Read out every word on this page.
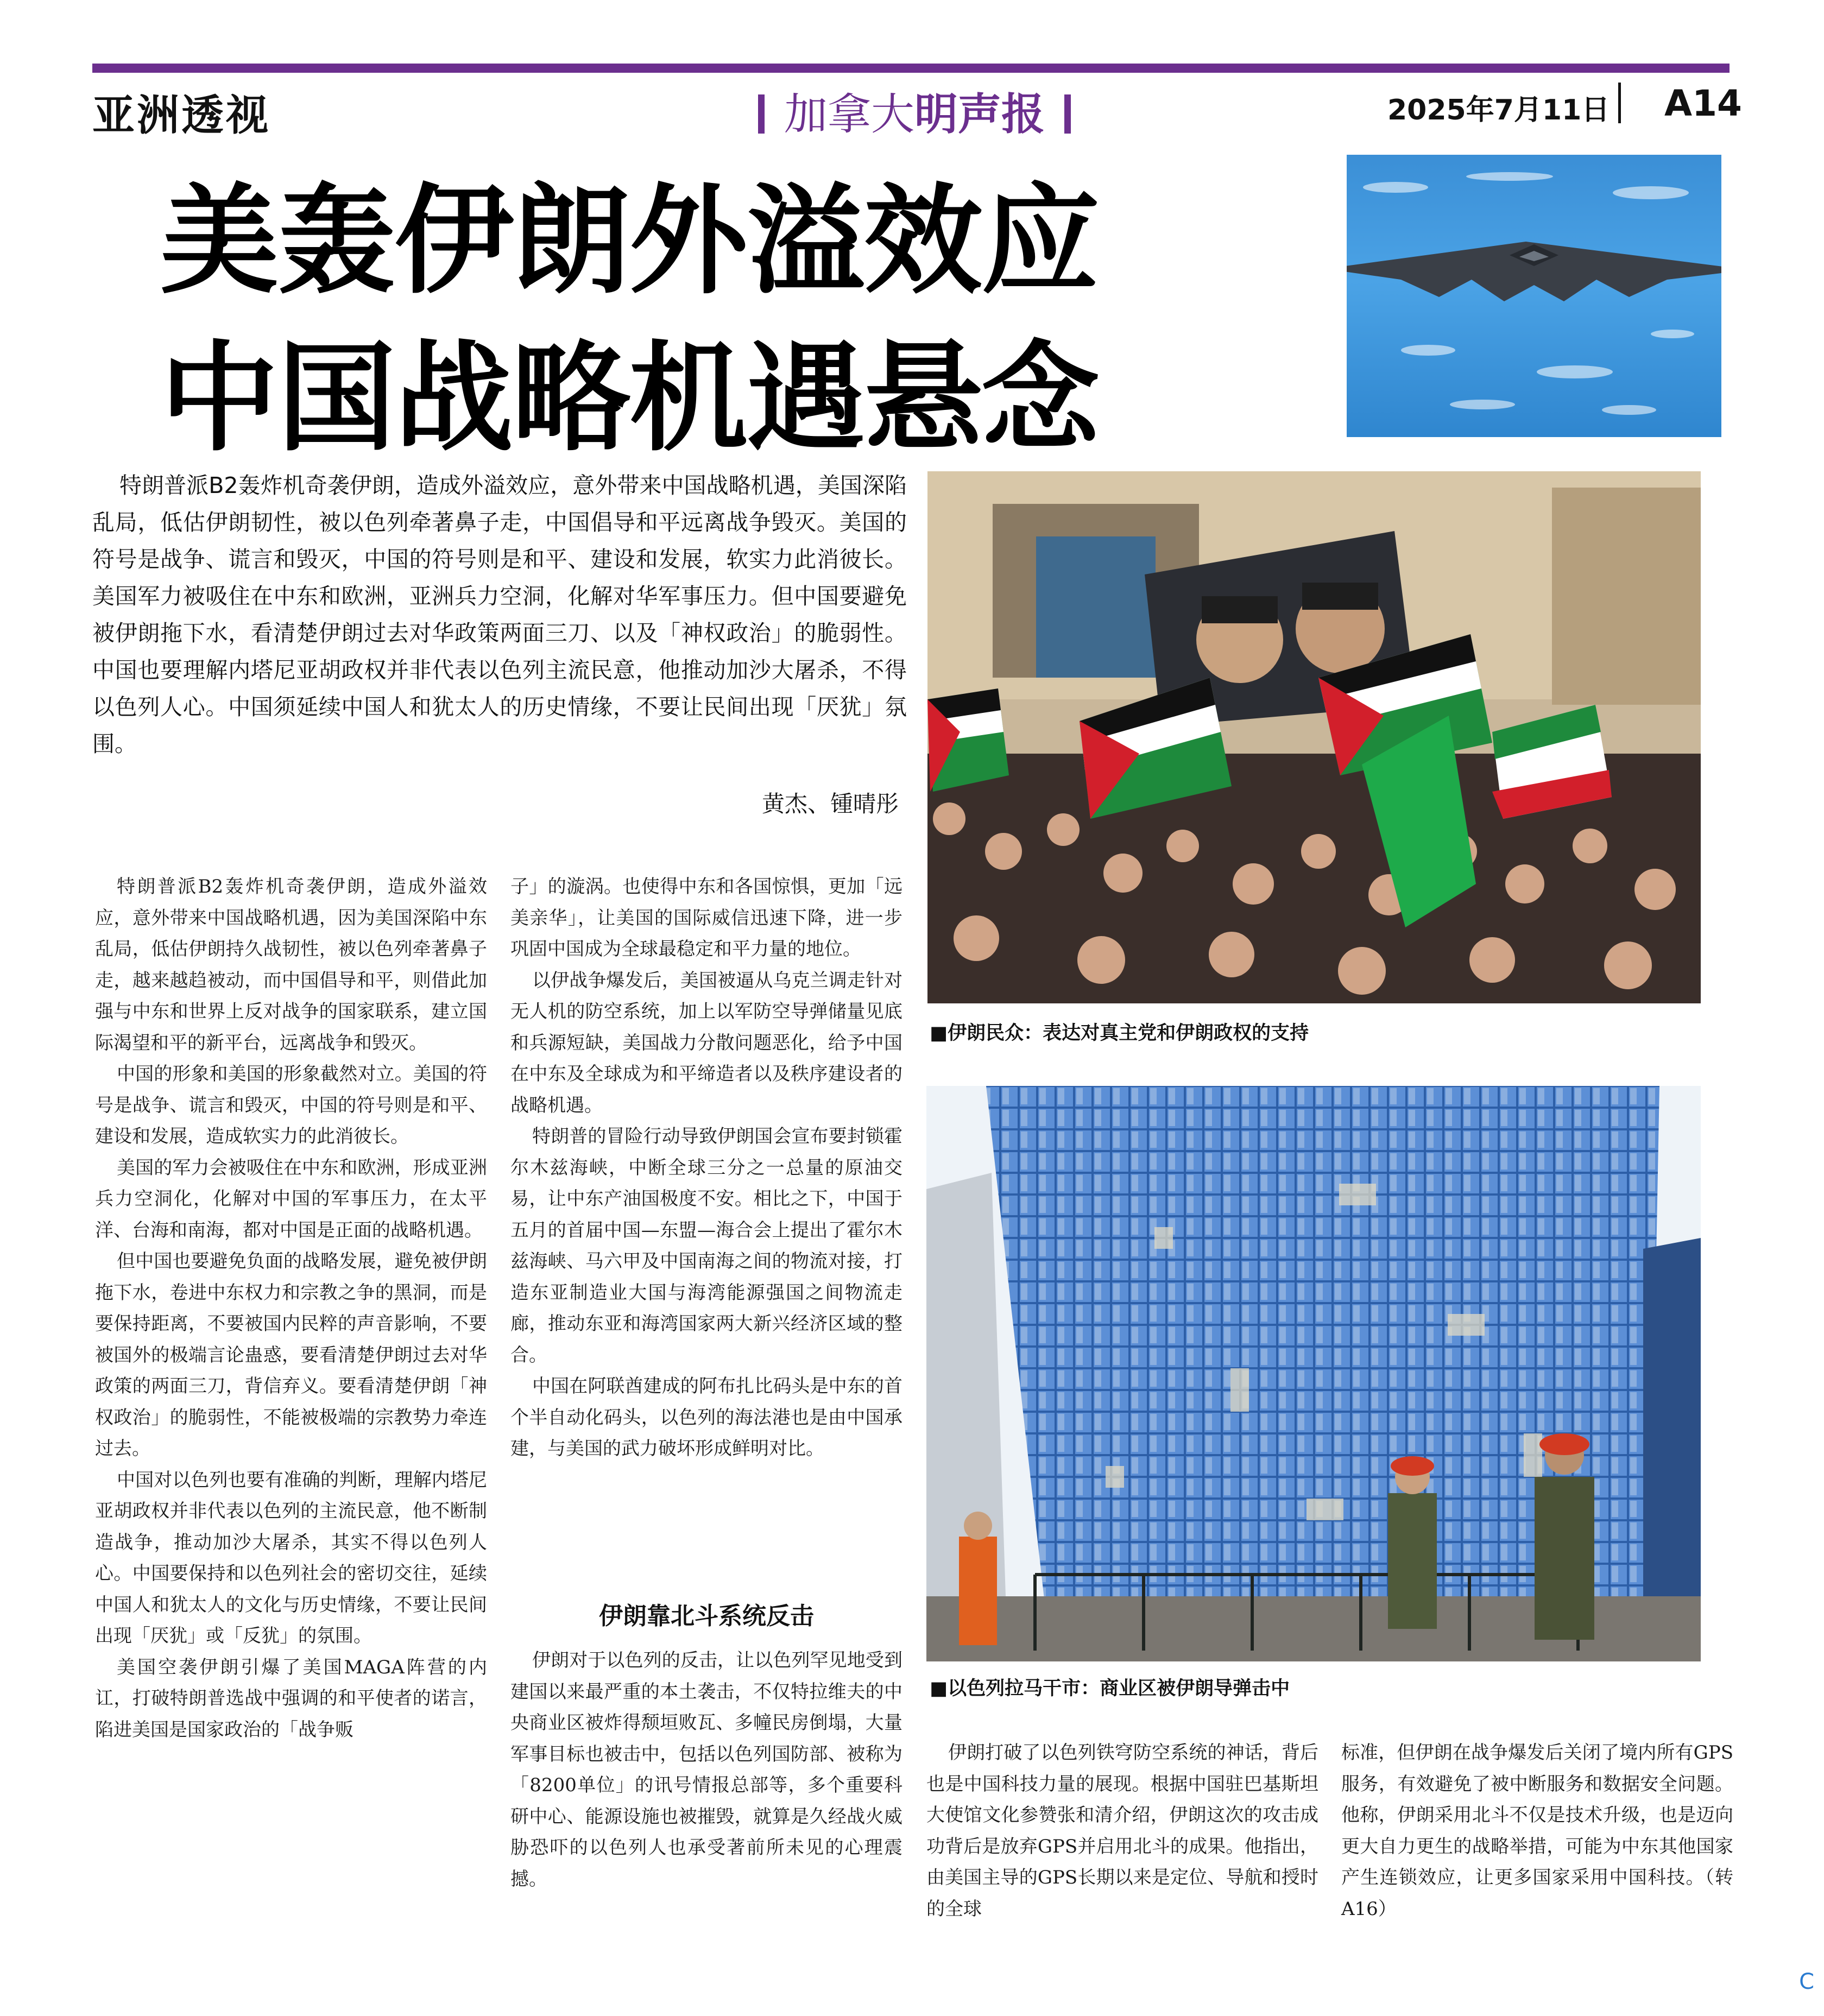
亚洲透视	加拿大明声报	2025年7月11日 A14
美轰伊朗外溢效应
中国战略机遇悬念
特朗普派B2轰炸机奇袭伊朗，造成外溢效应，意外带来中国战略机遇，美国深陷乱局，低估伊朗韧性，被以色列牵著鼻子走，中国倡导和平远离战争毁灭。美国的符号是战争、谎言和毁灭，中国的符号则是和平、建设和发展，软实力此消彼长。美国军力被吸住在中东和欧洲，亚洲兵力空洞，化解对华军事压力。但中国要避免被伊朗拖下水，看清楚伊朗过去对华政策两面三刀、以及「神权政治」的脆弱性。中国也要理解内塔尼亚胡政权并非代表以色列主流民意，他推动加沙大屠杀，不得以色列人心。中国须延续中国人和犹太人的历史情缘，不要让民间出现「厌犹」氛围。
黄杰、锺晴彤
■伊朗民众：表达对真主党和伊朗政权的支持
■以色列拉马干市：商业区被伊朗导弹击中

特朗普派B2轰炸机奇袭伊朗，造成外溢效应，意外带来中国战略机遇，因为美国深陷中东乱局，低估伊朗持久战韧性，被以色列牵著鼻子走，越来越趋被动，而中国倡导和平，则借此加强与中东和世界上反对战争的国家联系，建立国际渴望和平的新平台，远离战争和毁灭。

中国的形象和美国的形象截然对立。美国的符号是战争、谎言和毁灭，中国的符号则是和平、建设和发展，造成软实力的此消彼长。

美国的军力会被吸住在中东和欧洲，形成亚洲兵力空洞化，化解对中国的军事压力，在太平洋、台海和南海，都对中国是正面的战略机遇。

但中国也要避免负面的战略发展，避免被伊朗拖下水，卷进中东权力和宗教之争的黑洞，而是要保持距离，不要被国内民粹的声音影响，不要被国外的极端言论蛊惑，要看清楚伊朗过去对华政策的两面三刀，背信弃义。要看清楚伊朗「神权政治」的脆弱性，不能被极端的宗教势力牵连过去。

中国对以色列也要有准确的判断，理解内塔尼亚胡政权并非代表以色列的主流民意，他不断制造战争，推动加沙大屠杀，其实不得以色列人心。中国要保持和以色列社会的密切交往，延续中国人和犹太人的文化与历史情缘，不要让民间出现「厌犹」或「反犹」的氛围。

美国空袭伊朗引爆了美国MAGA阵营的内讧，打破特朗普选战中强调的和平使者的诺言，陷进美国是国家政治的「战争贩

子」的漩涡。也使得中东和各国惊惧，更加「远美亲华」，让美国的国际威信迅速下降，进一步巩固中国成为全球最稳定和平力量的地位。

以伊战争爆发后，美国被逼从乌克兰调走针对无人机的防空系统，加上以军防空导弹储量见底和兵源短缺，美国战力分散问题恶化，给予中国在中东及全球成为和平缔造者以及秩序建设者的战略机遇。

特朗普的冒险行动导致伊朗国会宣布要封锁霍尔木兹海峡，中断全球三分之一总量的原油交易，让中东产油国极度不安。相比之下，中国于五月的首届中国—东盟—海合会上提出了霍尔木兹海峡、马六甲及中国南海之间的物流对接，打造东亚制造业大国与海湾能源强国之间物流走廊，推动东亚和海湾国家两大新兴经济区域的整合。

中国在阿联酋建成的阿布扎比码头是中东的首个半自动化码头，以色列的海法港也是由中国承建，与美国的武力破坏形成鲜明对比。

伊朗靠北斗系统反击

伊朗对于以色列的反击，让以色列罕见地受到建国以来最严重的本土袭击，不仅特拉维夫的中央商业区被炸得颓垣败瓦、多幢民房倒塌，大量军事目标也被击中，包括以色列国防部、被称为「8200单位」的讯号情报总部等，多个重要科研中心、能源设施也被摧毁，就算是久经战火威胁恐吓的以色列人也承受著前所未见的心理震撼。

伊朗打破了以色列铁穹防空系统的神话，背后也是中国科技力量的展现。根据中国驻巴基斯坦大使馆文化参赞张和清介绍，伊朗这次的攻击成功背后是放弃GPS并启用北斗的成果。他指出，由美国主导的GPS长期以来是定位、导航和授时的全球

标准，但伊朗在战争爆发后关闭了境内所有GPS服务，有效避免了被中断服务和数据安全问题。他称，伊朗采用北斗不仅是技术升级，也是迈向更大自力更生的战略举措，可能为中东其他国家产生连锁效应，让更多国家采用中国科技。（转A16）

C
